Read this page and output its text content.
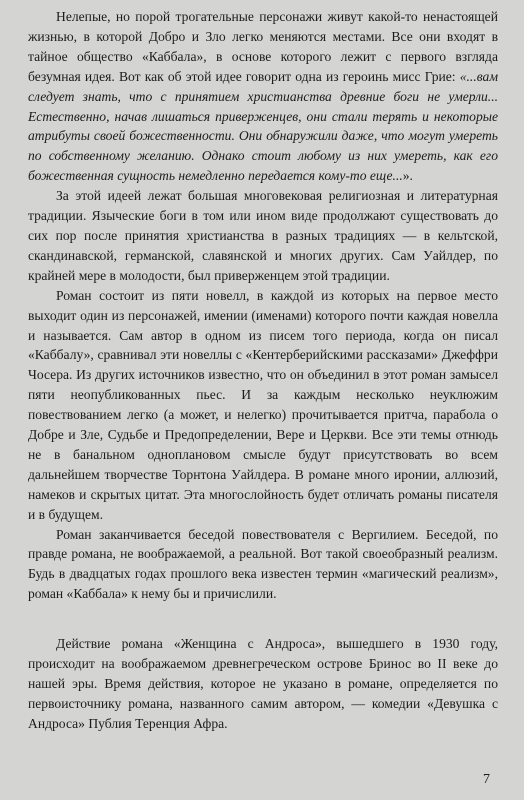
Нелепые, но порой трогательные персонажи живут какой-то ненастоящей жизнью, в которой Добро и Зло легко меняются местами. Все они входят в тайное общество «Каббала», в основе которого лежит с первого взгляда безумная идея. Вот как об этой идее говорит одна из героинь мисс Грие: «...вам следует знать, что с принятием христианства древние боги не умерли... Естественно, начав лишаться приверженцев, они стали терять и некоторые атрибуты своей божественности. Они обнаружили даже, что могут умереть по собственному желанию. Однако стоит любому из них умереть, как его божественная сущность немедленно передается кому-то еще...».

За этой идеей лежат большая многовековая религиозная и литературная традиции. Языческие боги в том или ином виде продолжают существовать до сих пор после принятия христианства в разных традициях — в кельтской, скандинавской, германской, славянской и многих других. Сам Уайлдер, по крайней мере в молодости, был приверженцем этой традиции.

Роман состоит из пяти новелл, в каждой из которых на первое место выходит один из персонажей, имении (именами) которого почти каждая новелла и называется. Сам автор в одном из писем того периода, когда он писал «Каббалу», сравнивал эти новеллы с «Кентерберийскими рассказами» Джеффри Чосера. Из других источников известно, что он объединил в этот роман замысел пяти неопубликованных пьес. И за каждым несколько неуклюжим повествованием легко (а может, и нелегко) прочитывается притча, парабола о Добре и Зле, Судьбе и Предопределении, Вере и Церкви. Все эти темы отнюдь не в банальном одноплановом смысле будут присутствовать во всем дальнейшем творчестве Торнтона Уайлдера. В романе много иронии, аллюзий, намеков и скрытых цитат. Эта многослойность будет отличать романы писателя и в будущем.

Роман заканчивается беседой повествователя с Вергилием. Беседой, по правде романа, не воображаемой, а реальной. Вот такой своеобразный реализм. Будь в двадцатых годах прошлого века известен термин «магический реализм», роман «Каббала» к нему бы и причислили.

Действие романа «Женщина с Андроса», вышедшего в 1930 году, происходит на воображаемом древнегреческом острове Бринос во II веке до нашей эры. Время действия, которое не указано в романе, определяется по первоисточнику романа, названного самим автором, — комедии «Девушка с Андроса» Публия Теренция Афра.

7
